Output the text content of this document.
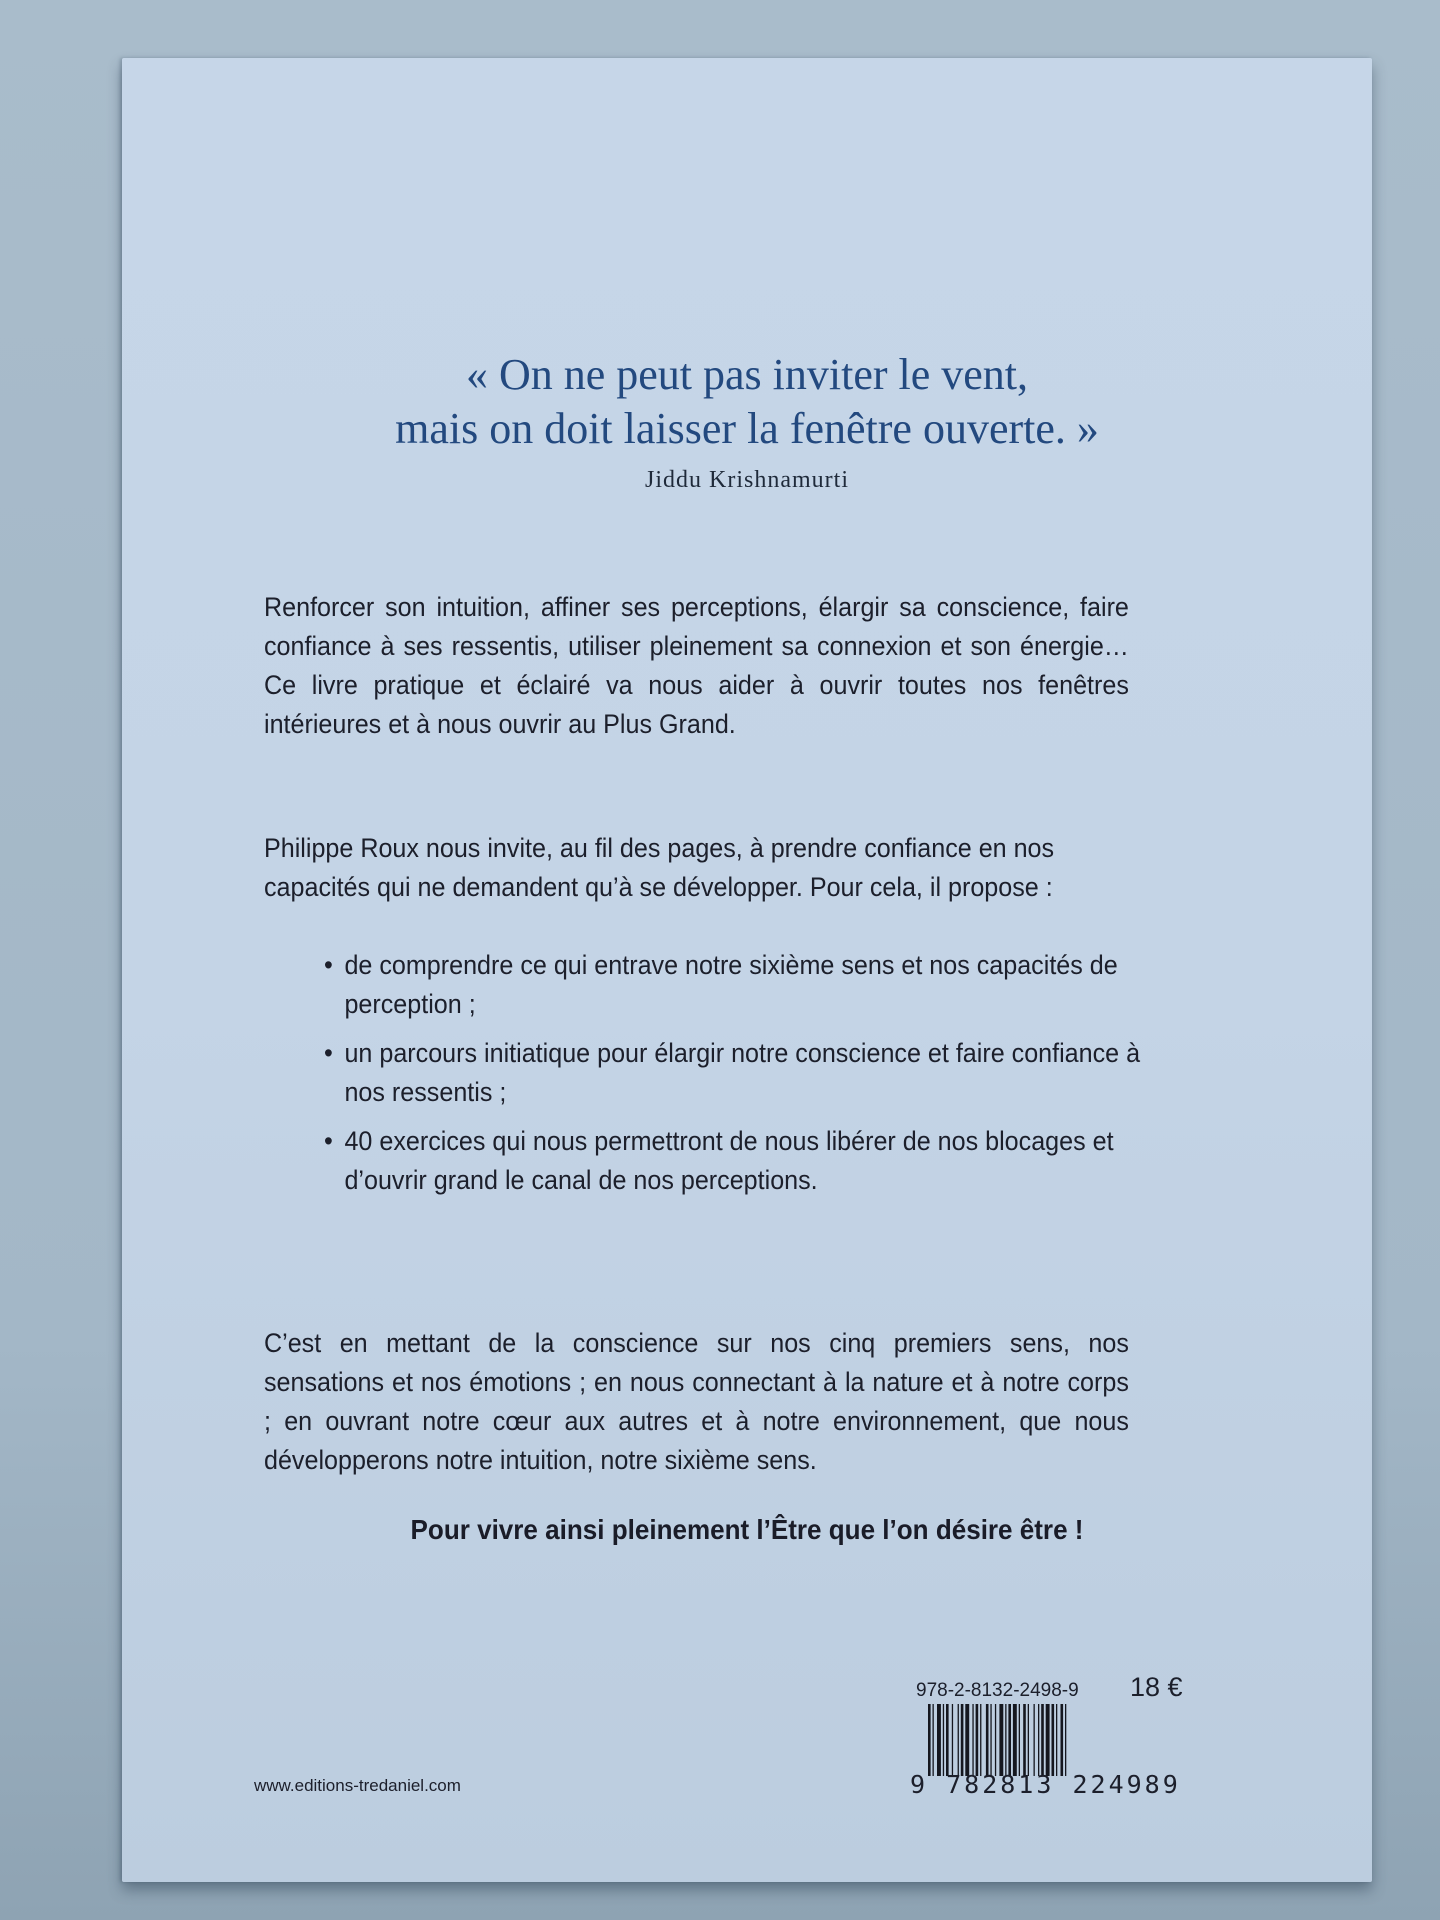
« On ne peut pas inviter le vent,
mais on doit laisser la fenêtre ouverte. »
Jiddu Krishnamurti
Renforcer son intuition, affiner ses perceptions, élargir sa conscience, faire confiance à ses ressentis, utiliser pleinement sa connexion et son énergie… Ce livre pratique et éclairé va nous aider à ouvrir toutes nos fenêtres intérieures et à nous ouvrir au Plus Grand.
Philippe Roux nous invite, au fil des pages, à prendre confiance en nos capacités qui ne demandent qu’à se développer. Pour cela, il propose :
• de comprendre ce qui entrave notre sixième sens et nos capacités de perception ;
• un parcours initiatique pour élargir notre conscience et faire confiance à nos ressentis ;
• 40 exercices qui nous permettront de nous libérer de nos blocages et d’ouvrir grand le canal de nos perceptions.
C’est en mettant de la conscience sur nos cinq premiers sens, nos sensations et nos émotions ; en nous connectant à la nature et à notre corps ; en ouvrant notre cœur aux autres et à notre environnement, que nous développerons notre intuition, notre sixième sens.
Pour vivre ainsi pleinement l’Être que l’on désire être !
978-2-8132-2498-9 18 €
9 782813 224989
www.editions-tredaniel.com
